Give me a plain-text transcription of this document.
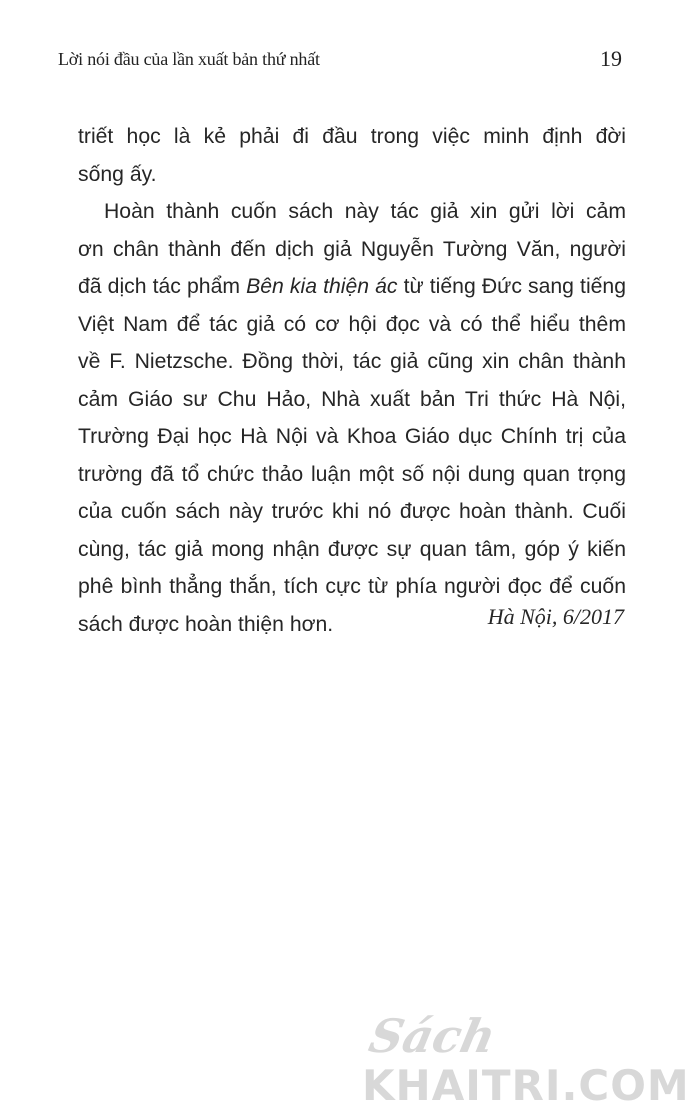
Lời nói đầu của lần xuất bản thứ nhất	19
triết học là kẻ phải đi đầu trong việc minh định đời
sống ấy.
Hoàn thành cuốn sách này tác giả xin gửi lời cảm
ơn chân thành đến dịch giả Nguyễn Tường Văn, người
đã dịch tác phẩm Bên kia thiện ác từ tiếng Đức sang tiếng
Việt Nam để tác giả có cơ hội đọc và có thể hiểu thêm
về F. Nietzsche. Đồng thời, tác giả cũng xin chân thành
cảm Giáo sư Chu Hảo, Nhà xuất bản Tri thức Hà Nội,
Trường Đại học Hà Nội và Khoa Giáo dục Chính trị của
trường đã tổ chức thảo luận một số nội dung quan trọng
của cuốn sách này trước khi nó được hoàn thành. Cuối
cùng, tác giả mong nhận được sự quan tâm, góp ý kiến
phê bình thẳng thắn, tích cực từ phía người đọc để cuốn
sách được hoàn thiện hơn.	Hà Nội, 6/2017
Sách
KHAITRI.COM
